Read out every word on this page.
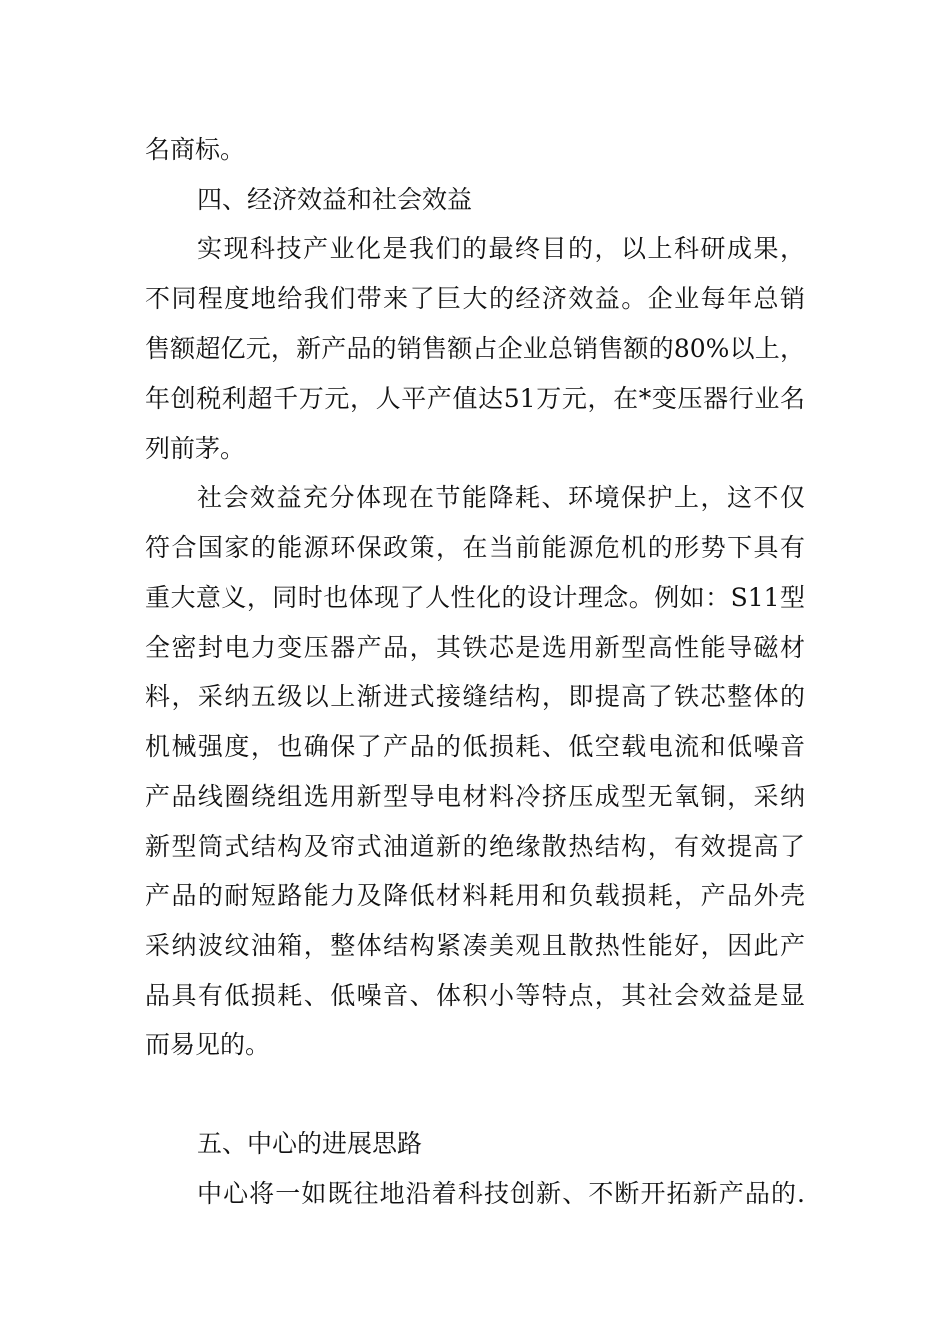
名商标。
四、经济效益和社会效益
实现科技产业化是我们的最终目的，以上科研成果，
不同程度地给我们带来了巨大的经济效益。企业每年总销
售额超亿元，新产品的销售额占企业总销售额的80%以上，
年创税利超千万元，人平产值达51万元，在*变压器行业名
列前茅。
社会效益充分体现在节能降耗、环境保护上，这不仅
符合国家的能源环保政策，在当前能源危机的形势下具有
重大意义，同时也体现了人性化的设计理念。例如：S11型
全密封电力变压器产品，其铁芯是选用新型高性能导磁材
料，采纳五级以上渐进式接缝结构，即提高了铁芯整体的
机械强度，也确保了产品的低损耗、低空载电流和低噪音
产品线圈绕组选用新型导电材料冷挤压成型无氧铜，采纳
新型筒式结构及帘式油道新的绝缘散热结构，有效提高了
产品的耐短路能力及降低材料耗用和负载损耗，产品外壳
采纳波纹油箱，整体结构紧凑美观且散热性能好，因此产
品具有低损耗、低噪音、体积小等特点，其社会效益是显
而易见的。
五、中心的进展思路
中心将一如既往地沿着科技创新、不断开拓新产品的.
